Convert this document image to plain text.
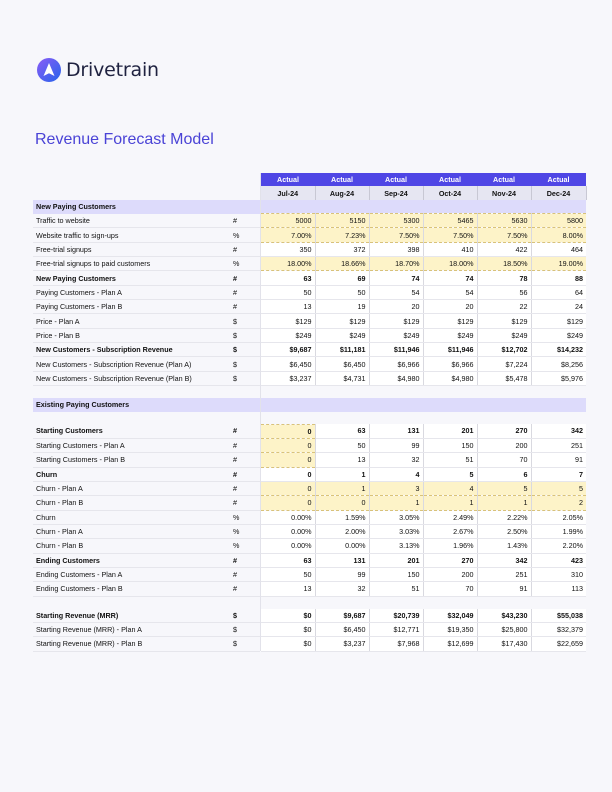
Drivetrain
Revenue Forecast Model
			Actual	Actual	Actual	Actual	Actual	Actual
			Jul-24	Aug-24	Sep-24	Oct-24	Nov-24	Dec-24
New Paying Customers							
Traffic to website	#		5000	5150	5300	5465	5630	5800
Website traffic to sign-ups	%		7.00%	7.23%	7.50%	7.50%	7.50%	8.00%
Free-trial signups	#		350	372	398	410	422	464
Free-trial signups to paid customers	%		18.00%	18.66%	18.70%	18.00%	18.50%	19.00%
New Paying Customers	#		63	69	74	74	78	88
Paying Customers - Plan A	#		50	50	54	54	56	64
Paying Customers - Plan B	#		13	19	20	20	22	24
Price - Plan A	$		$129	$129	$129	$129	$129	$129
Price - Plan B	$		$249	$249	$249	$249	$249	$249
New Customers - Subscription Revenue	$		$9,687	$11,181	$11,946	$11,946	$12,702	$14,232
New Customers - Subscription Revenue (Plan A)	$		$6,450	$6,450	$6,966	$6,966	$7,224	$8,256
New Customers - Subscription Revenue (Plan B)	$		$3,237	$4,731	$4,980	$4,980	$5,478	$5,976

Existing Paying Customers							

Starting Customers	#		0	63	131	201	270	342
Starting Customers - Plan A	#		0	50	99	150	200	251
Starting Customers - Plan B	#		0	13	32	51	70	91
Churn	#		0	1	4	5	6	7
Churn - Plan A	#		0	1	3	4	5	5
Churn - Plan B	#		0	0	1	1	1	2
Churn	%		0.00%	1.59%	3.05%	2.49%	2.22%	2.05%
Churn - Plan A	%		0.00%	2.00%	3.03%	2.67%	2.50%	1.99%
Churn - Plan B	%		0.00%	0.00%	3.13%	1.96%	1.43%	2.20%
Ending Customers	#		63	131	201	270	342	423
Ending Customers - Plan A	#		50	99	150	200	251	310
Ending Customers - Plan B	#		13	32	51	70	91	113

Starting Revenue (MRR)	$		$0	$9,687	$20,739	$32,049	$43,230	$55,038
Starting Revenue (MRR) - Plan A	$		$0	$6,450	$12,771	$19,350	$25,800	$32,379
Starting Revenue (MRR) - Plan B	$		$0	$3,237	$7,968	$12,699	$17,430	$22,659
